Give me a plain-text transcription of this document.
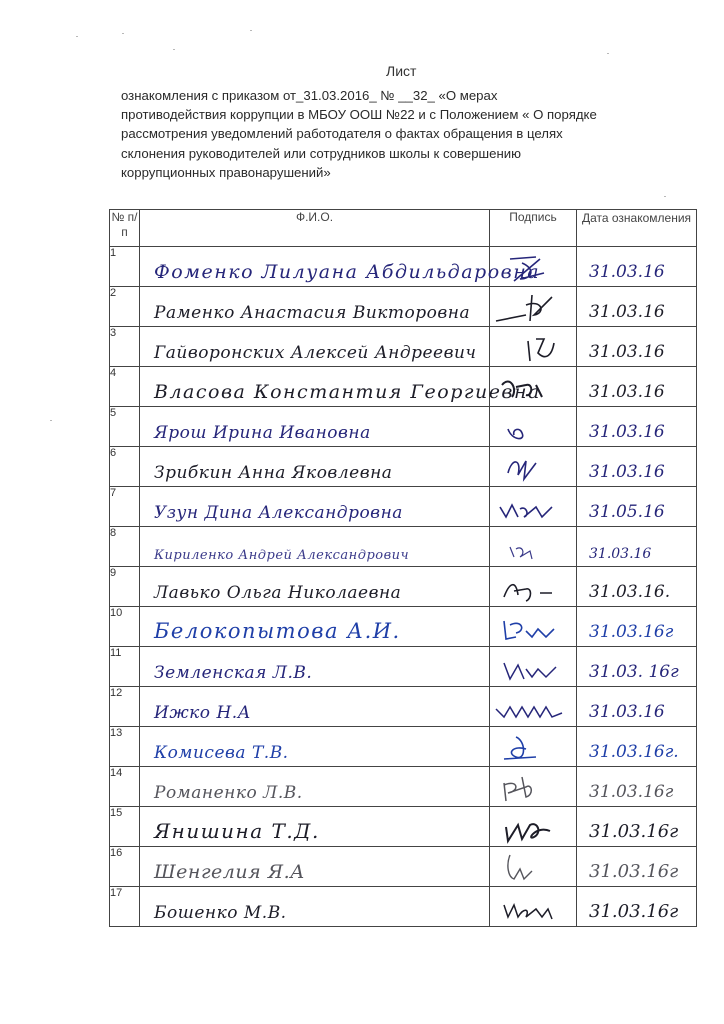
Лист
ознакомления с приказом от_31.03.2016_ № __32_ «О мерах
противодействия коррупции в МБОУ ООШ №22 и с Положением « О порядке
рассмотрения уведомлений работодателя о фактах обращения в целях
склонения руководителей или сотрудников школы к совершению
коррупционных правонарушений»
№ п/п	Ф.И.О.	Подпись	Дата ознакомления
1	Фоменко Лилуана Абдильдаровна		31.03.16

2	Раменко Анастасия Викторовна		31.03.16

3	Гайворонских Алексей Андреевич		31.03.16

4	Власова Константия Георгиевна		31.03.16

5	Ярош Ирина Ивановна		31.03.16

6	Зрибкин Анна Яковлевна		31.03.16

7	Узун Дина Александровна		31.05.16

8	Кириленко Андрей Александрович		31.03.16

9	Лавько Ольга Николаевна		31.03.16.

10	Белокопытова А.И.		31.03.16г

11	Земленская Л.В.		31.03. 16г

12	Ижко Н.А		31.03.16

13	Комисева Т.В.		31.03.16г.

14	Романенко Л.В.		31.03.16г

15	Янишина Т.Д.		31.03.16г

16	Шенгелия Я.А		31.03.16г

17	Бошенко М.В.		31.03.16г
